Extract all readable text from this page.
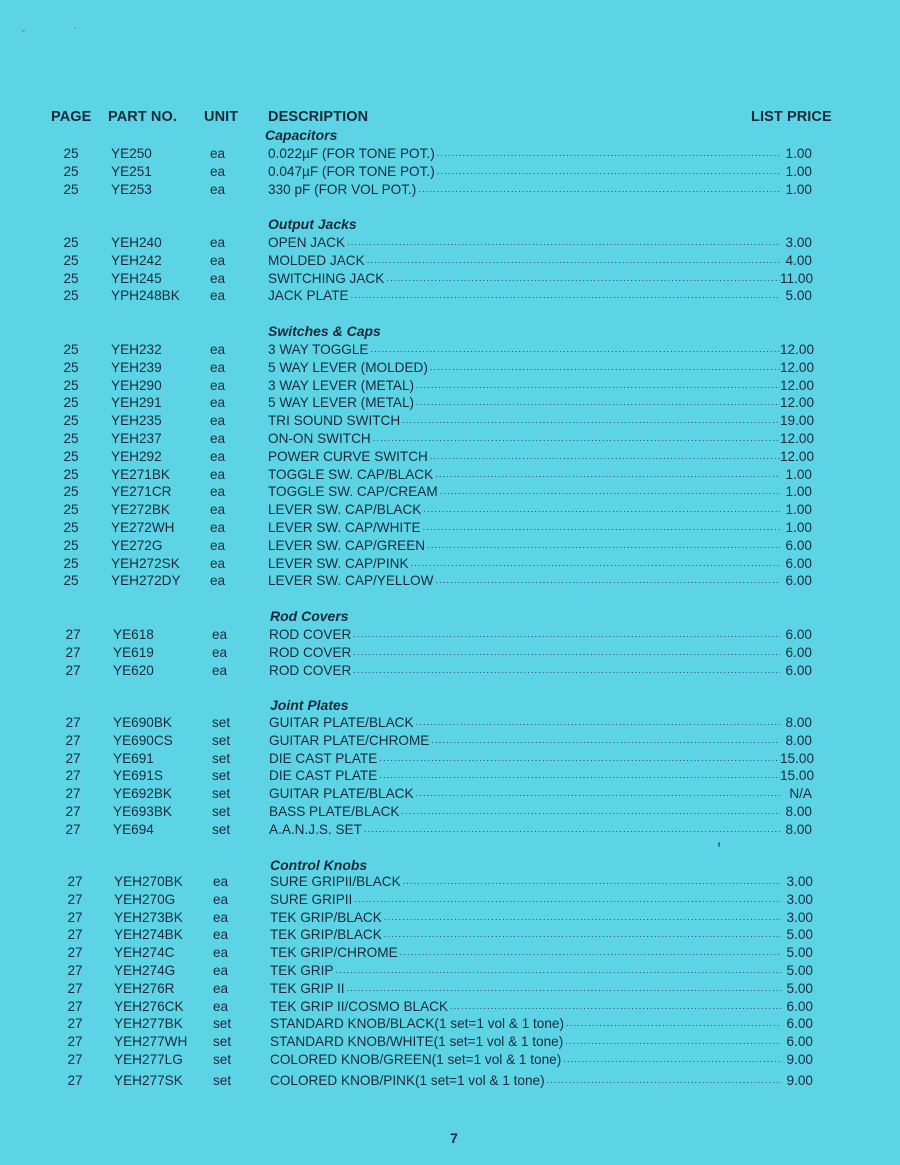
PAGE PART NO. UNIT DESCRIPTION	LIST PRICE
Capacitors
25	YE250	ea	0.022µF (FOR TONE POT.) .....	1.00
25	YE251	ea	0.047µF (FOR TONE POT.) .....	1.00
25	YE253	ea	330 pF (FOR VOL POT.) .....	1.00
Output Jacks
25	YEH240	ea	OPEN JACK .....	3.00
25	YEH242	ea	MOLDED JACK .....	4.00
25	YEH245	ea	SWITCHING JACK .....	11.00
25	YPH248BK ea	JACK PLATE .....	5.00
Switches & Caps
25	YEH232	ea	3 WAY TOGGLE .....	12.00
25	YEH239	ea	5 WAY LEVER (MOLDED) .....	12.00
25	YEH290	ea	3 WAY LEVER (METAL) .....	12.00
25	YEH291	ea	5 WAY LEVER (METAL) .....	12.00
25	YEH235	ea	TRI SOUND SWITCH .....	19.00
25	YEH237	ea	ON-ON SWITCH .....	12.00
25	YEH292	ea	POWER CURVE SWITCH .....	12.00
25	YE271BK	ea	TOGGLE SW. CAP/BLACK .....	1.00
25	YE271CR	ea	TOGGLE SW. CAP/CREAM .....	1.00
25	YE272BK	ea	LEVER SW. CAP/BLACK .....	1.00
25	YE272WH	ea	LEVER SW. CAP/WHITE .....	1.00
25	YE272G	ea	LEVER SW. CAP/GREEN .....	6.00
25	YEH272SK ea	LEVER SW. CAP/PINK .....	6.00
25	YEH272DY ea	LEVER SW. CAP/YELLOW .....	6.00
Rod Covers
27	YE618	ea	ROD COVER .....	6.00
27	YE619	ea	ROD COVER .....	6.00
27	YE620	ea	ROD COVER .....	6.00
Joint Plates
27	YE690BK	set	GUITAR PLATE/BLACK .....	8.00
27	YE690CS	set	GUITAR PLATE/CHROME .....	8.00
27	YE691	set	DIE CAST PLATE .....	15.00
27	YE691S	set	DIE CAST PLATE .....	15.00
27	YE692BK	set	GUITAR PLATE/BLACK .....	N/A
27	YE693BK	set	BASS PLATE/BLACK .....	8.00
27	YE694	set	A.A.N.J.S. SET .....	8.00
Control Knobs
27	YEH270BK ea	SURE GRIPII/BLACK .....	3.00
27	YEH270G	ea	SURE GRIPII .....	3.00
27	YEH273BK ea	TEK GRIP/BLACK .....	3.00
27	YEH274BK ea	TEK GRIP/BLACK .....	5.00
27	YEH274C	ea	TEK GRIP/CHROME .....	5.00
27	YEH274G	ea	TEK GRIP .....	5.00
27	YEH276R	ea	TEK GRIP II .....	5.00
27	YEH276CK ea	TEK GRIP II/COSMO BLACK .....	6.00
27	YEH277BK set	STANDARD KNOB/BLACK(1 set=1 vol & 1 tone) .....	6.00
27	YEH277WH set	STANDARD KNOB/WHITE(1 set=1 vol & 1 tone) .....	6.00
27	YEH277LG set	COLORED KNOB/GREEN(1 set=1 vol & 1 tone) .....	9.00
27	YEH277SK set	COLORED KNOB/PINK(1 set=1 vol & 1 tone) .....	9.00
7
